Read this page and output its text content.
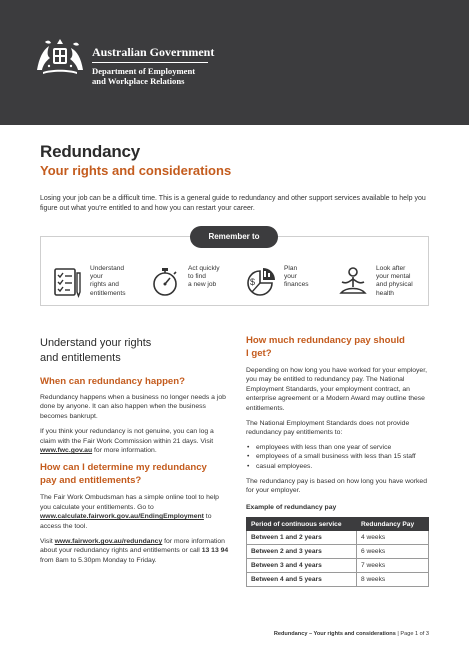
Australian Government
Department of Employment
and Workplace Relations
Redundancy
Your rights and considerations
Losing your job can be a difficult time. This is a general guide to redundancy and other support services available to help you figure out what you’re entitled to and how you can restart your career.
Remember to
Understand
your
rights and
entitlements
Act quickly
to find
a new job	$
Plan
your
finances
Look after
your mental
and physical
health
Understand your rights
and entitlements
When can redundancy happen?

Redundancy happens when a business no longer needs a job done by anyone. It can also happen when the business becomes bankrupt.

If you think your redundancy is not genuine, you can log a claim with the Fair Work Commission within 21 days. Visit www.fwc.gov.au for more information.

How can I determine my redundancy
pay and entitlements?

The Fair Work Ombudsman has a simple online tool to help you calculate your entitlements. Go to www.calculate.fairwork.gov.au/EndingEmployment to access the tool.

Visit www.fairwork.gov.au/redundancy for more information about your redundancy rights and entitlements or call 13 13 94 from 8am to 5.30pm Monday to Friday.

How much redundancy pay should
I get?

Depending on how long you have worked for your employer, you may be entitled to redundancy pay. The National Employment Standards, your employment contract, an enterprise agreement or a Modern Award may outline these entitlements.

The National Employment Standards does not provide redundancy pay entitlements to:

• employees with less than one year of service
• employees of a small business with less than 15 staff
• casual employees.

The redundancy pay is based on how long you have worked for your employer.

Example of redundancy pay

Period of continuous service	Redundancy Pay
Between 1 and 2 years	4 weeks
Between 2 and 3 years	6 weeks
Between 3 and 4 years	7 weeks
Between 4 and 5 years	8 weeks
Redundancy – Your rights and considerations | Page 1 of 3
